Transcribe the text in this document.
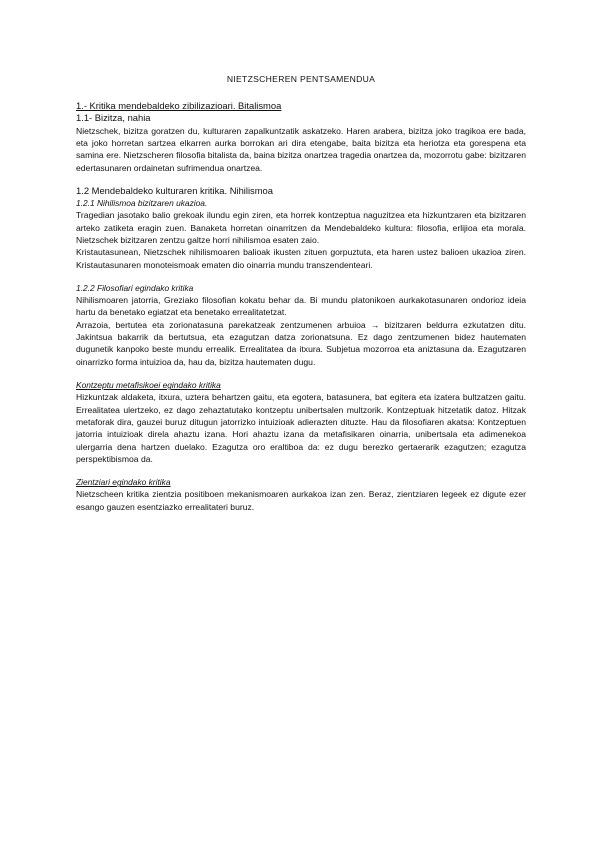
NIETZSCHEREN PENTSAMENDUA
1.- Kritika mendebaldeko zibilizazioari. Bitalismoa
1.1- Bizitza, nahia

Nietzschek, bizitza goratzen du, kulturaren zapalkuntzatik askatzeko. Haren arabera, bizitza joko tragikoa ere bada, eta joko horretan sartzea elkarren aurka borrokan ari dira etengabe, baita bizitza eta heriotza eta gorespena eta samina ere. Nietzscheren filosofia bitalista da, baina bizitza onartzea tragedia onartzea da, mozorrotu gabe: bizitzaren edertasunaren ordainetan sufrimendua onartzea.

1.2 Mendebaldeko kulturaren kritika. Nihilismoa
1.2.1 Nihilismoa bizitzaren ukazioa.

Tragedian jasotako balio grekoak ilundu egin ziren, eta horrek kontzeptua naguzitzea eta hizkuntzaren eta bizitzaren arteko zatiketa eragin zuen. Banaketa horretan oinarritzen da Mendebaldeko kultura: filosofia, erlijioa eta morala. Nietzschek bizitzaren zentzu galtze horri nihilismoa esaten zaio.

Kristautasunean, Nietzschek nihilismoaren balioak ikusten zituen gorpuztuta, eta haren ustez balioen ukazioa ziren. Kristautasunaren monoteismoak ematen dio oinarria mundu transzendenteari.

1.2.2 Filosofiari egindako kritika

Nihilismoaren jatorria, Greziako filosofian kokatu behar da. Bi mundu platonikoen aurkakotasunaren ondorioz ideia hartu da benetako egiatzat eta benetako errealitatetzat.

Arrazoia, bertutea eta zorionatasuna parekatzeak zentzumenen arbuioa → bizitzaren beldurra ezkutatzen ditu. Jakintsua bakarrik da bertutsua, eta ezagutzan datza zorionatsuna. Ez dago zentzumenen bidez hautematen dugunetik kanpoko beste mundu errealik. Errealitatea da itxura. Subjetua mozorroa eta aniztasuna da. Ezagutzaren oinarrizko forma intuizioa da, hau da, bizitza hautematen dugu.

Kontzeptu metafisikoei egindako kritika

Hizkuntzak aldaketa, itxura, uztera behartzen gaitu, eta egotera, batasunera, bat egitera eta izatera bultzatzen gaitu. Errealitatea ulertzeko, ez dago zehaztatutako kontzeptu unibertsalen multzorik. Kontzeptuak hitzetatik datoz. Hitzak metaforak dira, gauzei buruz ditugun jatorrizko intuizioak adierazten dituzte. Hau da filosofiaren akatsa: Kontzeptuen jatorria intuizioak direla ahaztu izana. Hori ahaztu izana da metafisikaren oinarria, unibertsala eta adimenekoa ulergarria dena hartzen duelako. Ezagutza oro eraltiboa da: ez dugu berezko gertaerarik ezagutzen; ezagutza perspektibismoa da.

Zientziari egindako kritika

Nietzscheen kritika zientzia positiboen mekanismoaren aurkakoa izan zen. Beraz, zientziaren legeek ez digute ezer esango gauzen esentziazko errealitateri buruz.
